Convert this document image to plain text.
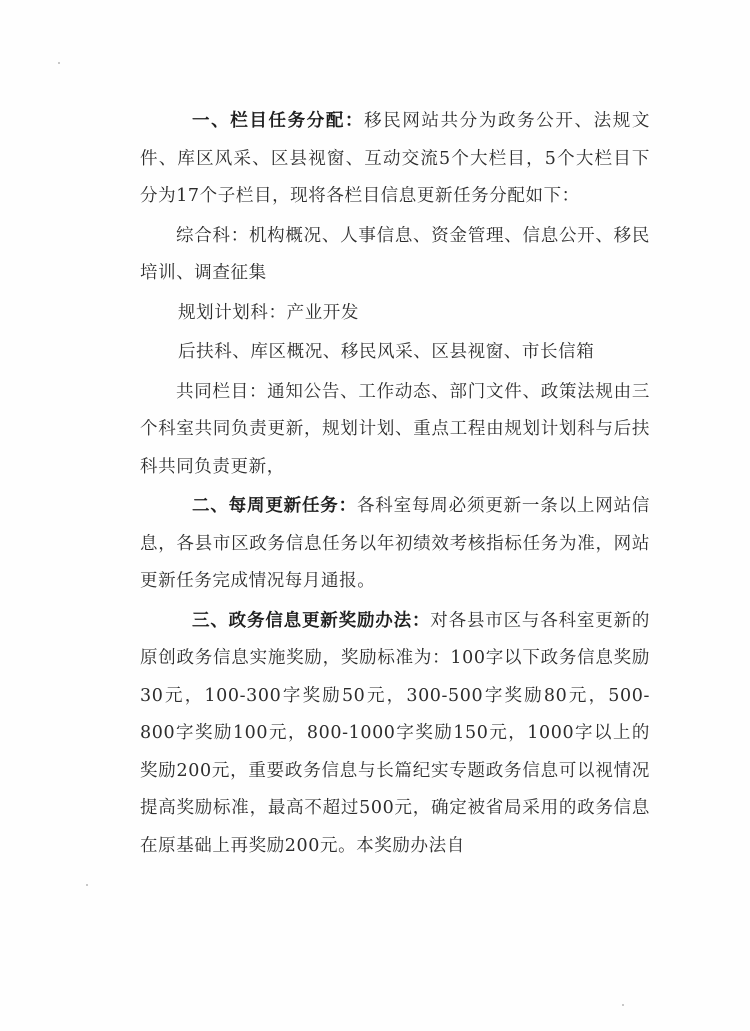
一、栏目任务分配：移民网站共分为政务公开、法规文件、库区风采、区县视窗、互动交流5个大栏目，5个大栏目下分为17个子栏目，现将各栏目信息更新任务分配如下：

综合科：机构概况、人事信息、资金管理、信息公开、移民培训、调查征集

规划计划科：产业开发

后扶科、库区概况、移民风采、区县视窗、市长信箱

共同栏目：通知公告、工作动态、部门文件、政策法规由三个科室共同负责更新，规划计划、重点工程由规划计划科与后扶科共同负责更新，

二、每周更新任务：各科室每周必须更新一条以上网站信息，各县市区政务信息任务以年初绩效考核指标任务为准，网站更新任务完成情况每月通报。

三、政务信息更新奖励办法：对各县市区与各科室更新的原创政务信息实施奖励，奖励标准为：100字以下政务信息奖励30元，100-300字奖励50元，300-500字奖励80元，500-800字奖励100元，800-1000字奖励150元，1000字以上的奖励200元，重要政务信息与长篇纪实专题政务信息可以视情况提高奖励标准，最高不超过500元，确定被省局采用的政务信息在原基础上再奖励200元。本奖励办法自
